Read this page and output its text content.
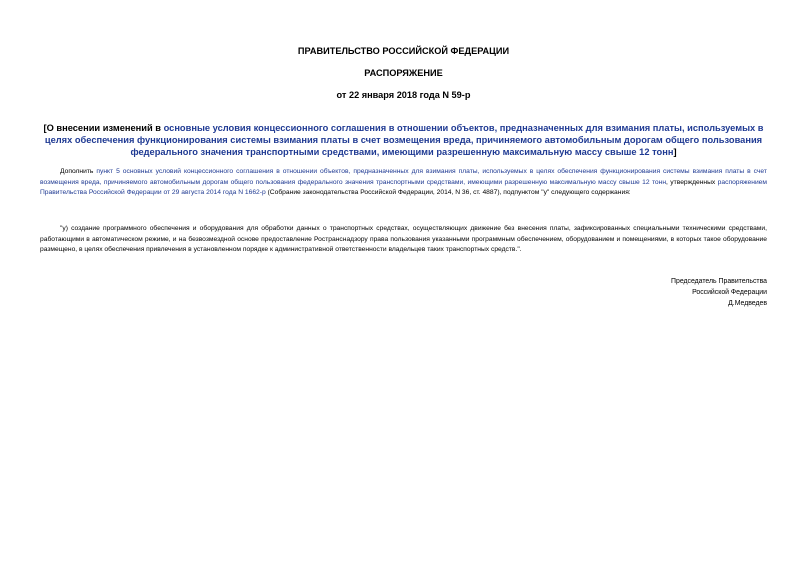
ПРАВИТЕЛЬСТВО РОССИЙСКОЙ ФЕДЕРАЦИИ
РАСПОРЯЖЕНИЕ
от 22 января 2018 года N 59-р
[О внесении изменений в основные условия концессионного соглашения в отношении объектов, предназначенных для взимания платы, используемых в целях обеспечения функционирования системы взимания платы в счет возмещения вреда, причиняемого автомобильным дорогам общего пользования федерального значения транспортными средствами, имеющими разрешенную максимальную массу свыше 12 тонн]
Дополнить пункт 5 основных условий концессионного соглашения в отношении объектов, предназначенных для взимания платы, используемых в целях обеспечения функционирования системы взимания платы в счет возмещения вреда, причиняемого автомобильным дорогам общего пользования федерального значения транспортными средствами, имеющими разрешенную максимальную массу свыше 12 тонн, утвержденных распоряжением Правительства Российской Федерации от 29 августа 2014 года N 1662-р (Собрание законодательства Российской Федерации, 2014, N 36, ст. 4887), подпунктом "у" следующего содержания:
"у) создание программного обеспечения и оборудования для обработки данных о транспортных средствах, осуществляющих движение без внесения платы, зафиксированных специальными техническими средствами, работающими в автоматическом режиме, и на безвозмездной основе предоставление Ространснадзору права пользования указанными программным обеспечением, оборудованием и помещениями, в которых такое оборудование размещено, в целях обеспечения привлечения в установленном порядке к административной ответственности владельцев таких транспортных средств.".
Председатель Правительства
Российской Федерации
Д.Медведев
